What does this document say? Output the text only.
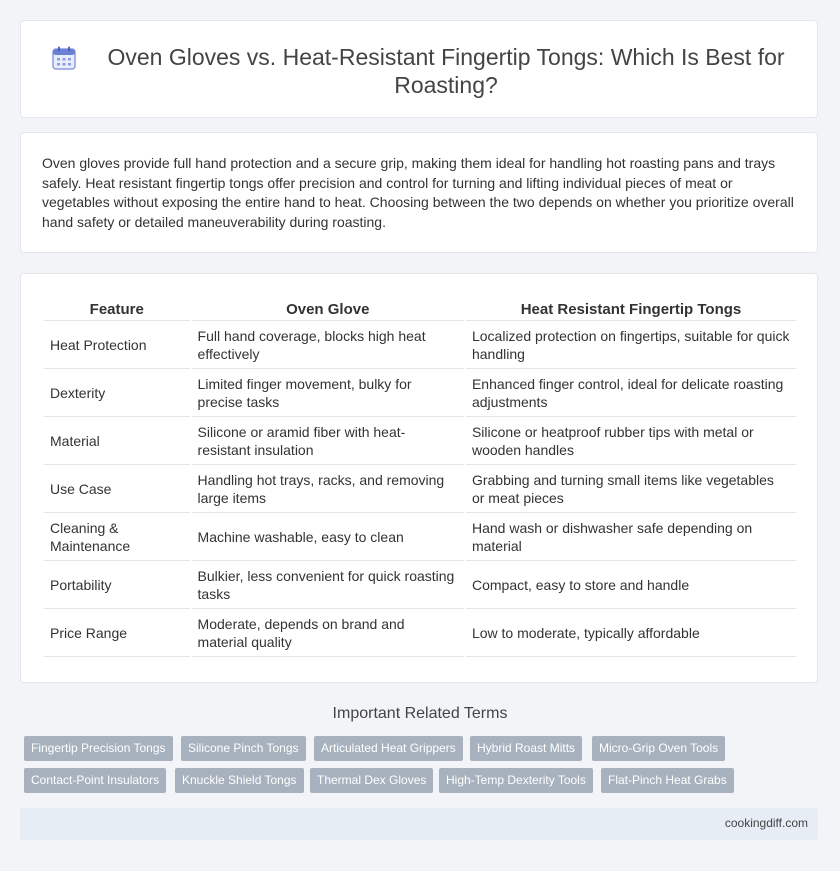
Oven Gloves vs. Heat-Resistant Fingertip Tongs: Which Is Best for Roasting?

Oven gloves provide full hand protection and a secure grip, making them ideal for handling hot roasting pans and trays safely. Heat resistant fingertip tongs offer precision and control for turning and lifting individual pieces of meat or vegetables without exposing the entire hand to heat. Choosing between the two depends on whether you prioritize overall hand safety or detailed maneuverability during roasting.

Feature	Oven Glove	Heat Resistant Fingertip Tongs
Heat Protection	Full hand coverage, blocks high heat effectively	Localized protection on fingertips, suitable for quick handling
Dexterity	Limited finger movement, bulky for precise tasks	Enhanced finger control, ideal for delicate roasting adjustments
Material	Silicone or aramid fiber with heat-resistant insulation	Silicone or heatproof rubber tips with metal or wooden handles
Use Case	Handling hot trays, racks, and removing large items	Grabbing and turning small items like vegetables or meat pieces
Cleaning & Maintenance	Machine washable, easy to clean	Hand wash or dishwasher safe depending on material
Portability	Bulkier, less convenient for quick roasting tasks	Compact, easy to store and handle
Price Range	Moderate, depends on brand and material quality	Low to moderate, typically affordable
Important Related Terms
Fingertip Precision Tongs	Silicone Pinch Tongs	Articulated Heat Grippers	Hybrid Roast Mitts	Micro-Grip Oven Tools
Contact-Point Insulators	Knuckle Shield Tongs	Thermal Dex Gloves	High-Temp Dexterity Tools	Flat-Pinch Heat Grabs
cookingdiff.com
